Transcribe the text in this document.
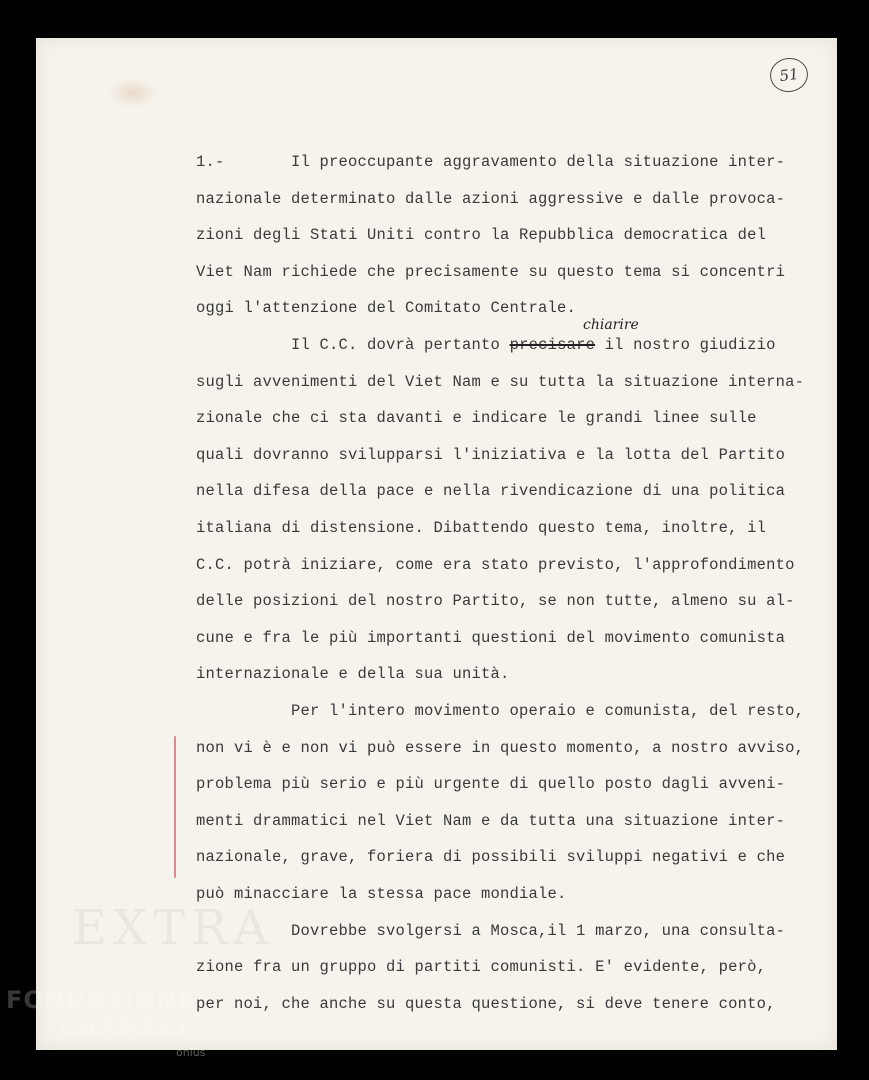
EXTRA
51
1.-       Il preoccupante aggravamento della situazione inter-
nazionale determinato dalle azioni aggressive e dalle provoca-
zioni degli Stati Uniti contro la Repubblica democratica del
Viet Nam richiede che precisamente su questo tema si concentri
oggi l'attenzione del Comitato Centrale.
Il C.C. dovrà pertanto precisare il nostro giudizio
sugli avvenimenti del Viet Nam e su tutta la situazione interna-
zionale che ci sta davanti e indicare le grandi linee sulle
quali dovranno svilupparsi l'iniziativa e la lotta del Partito
nella difesa della pace e nella rivendicazione di una politica
italiana di distensione. Dibattendo questo tema, inoltre, il
C.C. potrà iniziare, come era stato previsto, l'approfondimento
delle posizioni del nostro Partito, se non tutte, almeno su al-
cune e fra le più importanti questioni del movimento comunista
internazionale e della sua unità.
Per l'intero movimento operaio e comunista, del resto,
non vi è e non vi può essere in questo momento, a nostro avviso,
problema più serio e più urgente di quello posto dagli avveni-
menti drammatici nel Viet Nam e da tutta una situazione inter-
nazionale, grave, foriera di possibili sviluppi negativi e che
può minacciare la stessa pace mondiale.
Dovrebbe svolgersi a Mosca,il 1 marzo, una consulta-
zione fra un gruppo di partiti comunisti. E' evidente, però,
per noi, che anche su questa questione, si deve tenere conto,
chiarire
FONDAZIONE
GRAMSCI
onlus
